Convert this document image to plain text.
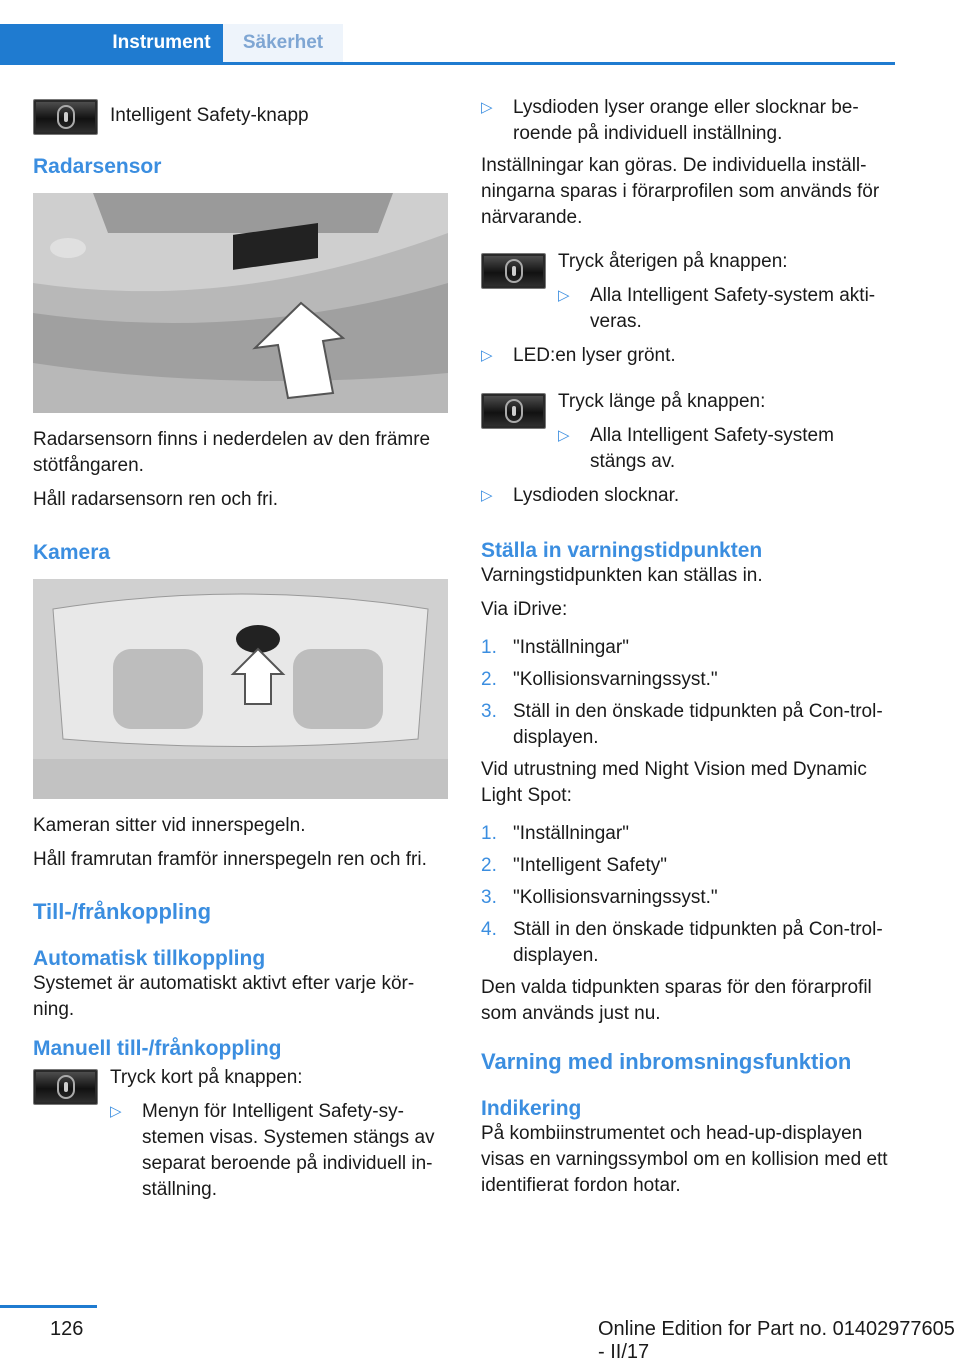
Instrument	Säkerhet

Intelligent Safety-knapp

Radarsensor

Radarsensorn finns i nederdelen av den främre stötfångaren.

Håll radarsensorn ren och fri.

Kamera

Kameran sitter vid innerspegeln.

Håll framrutan framför innerspegeln ren och fri.

Till-/frånkoppling
Automatisk tillkoppling

Systemet är automatiskt aktivt efter varje kör-ning.

Manuell till-/frånkoppling

Tryck kort på knappen:

▷	Menyn för Intelligent Safety-sy-stemen visas. Systemen stängs av separat beroende på individuell in-ställning.
▷	Lysdioden lyser orange eller slocknar be-roende på individuell inställning.

Inställningar kan göras. De individuella inställ-ningarna sparas i förarprofilen som används för närvarande.

Tryck återigen på knappen:

▷	Alla Intelligent Safety-system akti-veras.
▷	LED:en lyser grönt.

Tryck länge på knappen:

▷	Alla Intelligent Safety-system stängs av.
▷	Lysdioden slocknar.
Ställa in varningstidpunkten

Varningstidpunkten kan ställas in.

Via iDrive:

1. "Inställningar"
2. "Kollisionsvarningssyst."
3. Ställ in den önskade tidpunkten på Con-trol-displayen.

Vid utrustning med Night Vision med Dynamic Light Spot:

1. "Inställningar"
2. "Intelligent Safety"
3. "Kollisionsvarningssyst."
4. Ställ in den önskade tidpunkten på Con-trol-displayen.

Den valda tidpunkten sparas för den förarprofil som används just nu.

Varning med inbromsningsfunktion
Indikering

På kombiinstrumentet och head-up-displayen visas en varningssymbol om en kollision med ett identifierat fordon hotar.

126	Online Edition for Part no. 01402977605 - II/17
